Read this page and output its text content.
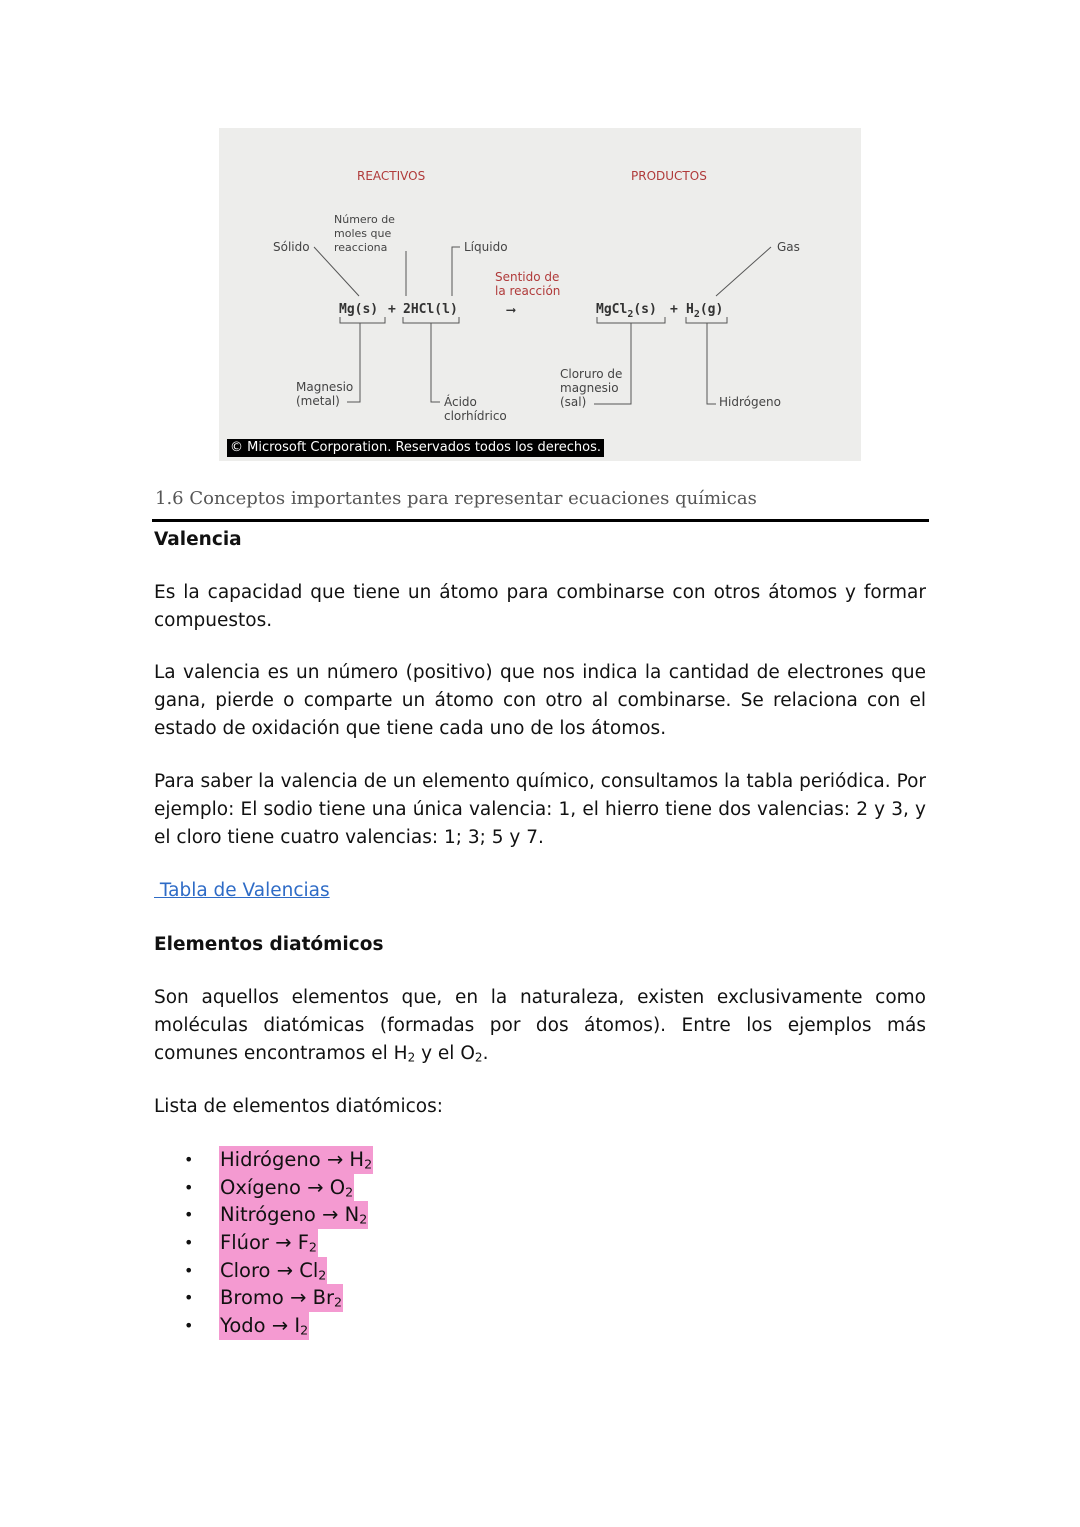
REACTIVOS	PRODUCTOS
Sólido
Número de
moles que
reacciona	Líquido	Gas
Sentido de
la reacción
Mg(s) + 2HCl(l)	⟶	MgCl$_2$(s) + $H_2(g)$
Magnesio
(metal)	Ácido
clorhídrico
Cloruro de
magnesio
(sal)	Hidrógeno
© Microsoft Corporation. Reservados todos los derechos.
1.6 Conceptos importantes para representar ecuaciones químicas
Valencia
Es la capacidad que tiene un átomo para combinarse con otros átomos y formar compuestos.
La valencia es un número (positivo) que nos indica la cantidad de electrones que gana, pierde o comparte un átomo con otro al combinarse. Se relaciona con el estado de oxidación que tiene cada uno de los átomos.
Para saber la valencia de un elemento químico, consultamos la tabla periódica. Por ejemplo: El sodio tiene una única valencia: 1, el hierro tiene dos valencias: 2 y 3, y el cloro tiene cuatro valencias: 1; 3; 5 y 7.
Tabla de Valencias
Elementos diatómicos
Son aquellos elementos que, en la naturaleza, existen exclusivamente como moléculas diatómicas (formadas por dos átomos). Entre los ejemplos más comunes encontramos el $H_2$ y el $O_2$.
Lista de elementos diatómicos:
• Hidrógeno → $H_2$
• Oxígeno → $O_2$
• Nitrógeno → $N_2$
• Flúor → $F_2$
• Cloro → $Cl_2$
• Bromo → $Br_2$
• Yodo → $I_2$
